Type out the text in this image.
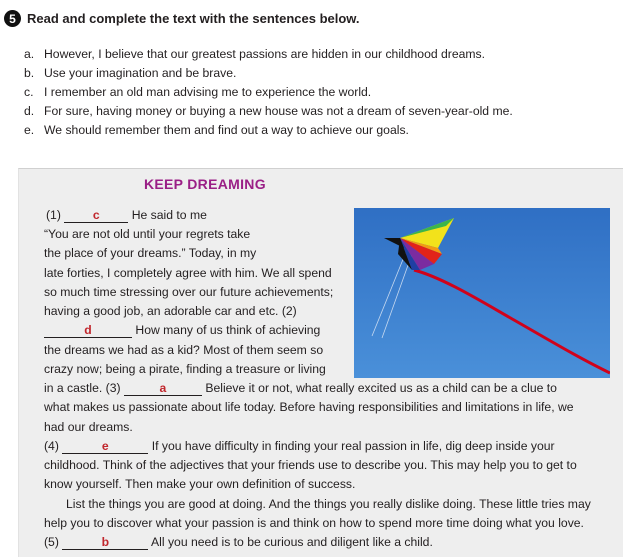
5 Read and complete the text with the sentences below.
a. However, I believe that our greatest passions are hidden in our childhood dreams.
b. Use your imagination and be brave.
c. I remember an old man advising me to experience the world.
d. For sure, having money or buying a new house was not a dream of seven-year-old me.
e. We should remember them and find out a way to achieve our goals.
KEEP DREAMING
(1)	c	He said to me
“You are not old until your regrets take
the place of your dreams.” Today, in my
late forties, I completely agree with him. We all spend
so much time stressing over our future achievements;
having a good job, an adorable car and etc. (2)
d	How many of us think of achieving
the dreams we had as a kid? Most of them seem so
crazy now; being a pirate, finding a treasure or living
in a castle. (3)	a	Believe it or not, what really excited us as a child can be a clue to
what makes us passionate about life today. Before having responsibilities and limitations in life, we
had our dreams.
(4)	e	If you have difficulty in finding your real passion in life, dig deep inside your
childhood. Think of the adjectives that your friends use to describe you. This may help you to get to
know yourself. Then make your own definition of success.
List the things you are good at doing. And the things you really dislike doing. These little tries may
help you to discover what your passion is and think on how to spend more time doing what you love.
(5)	b	All you need is to be curious and diligent like a child.
